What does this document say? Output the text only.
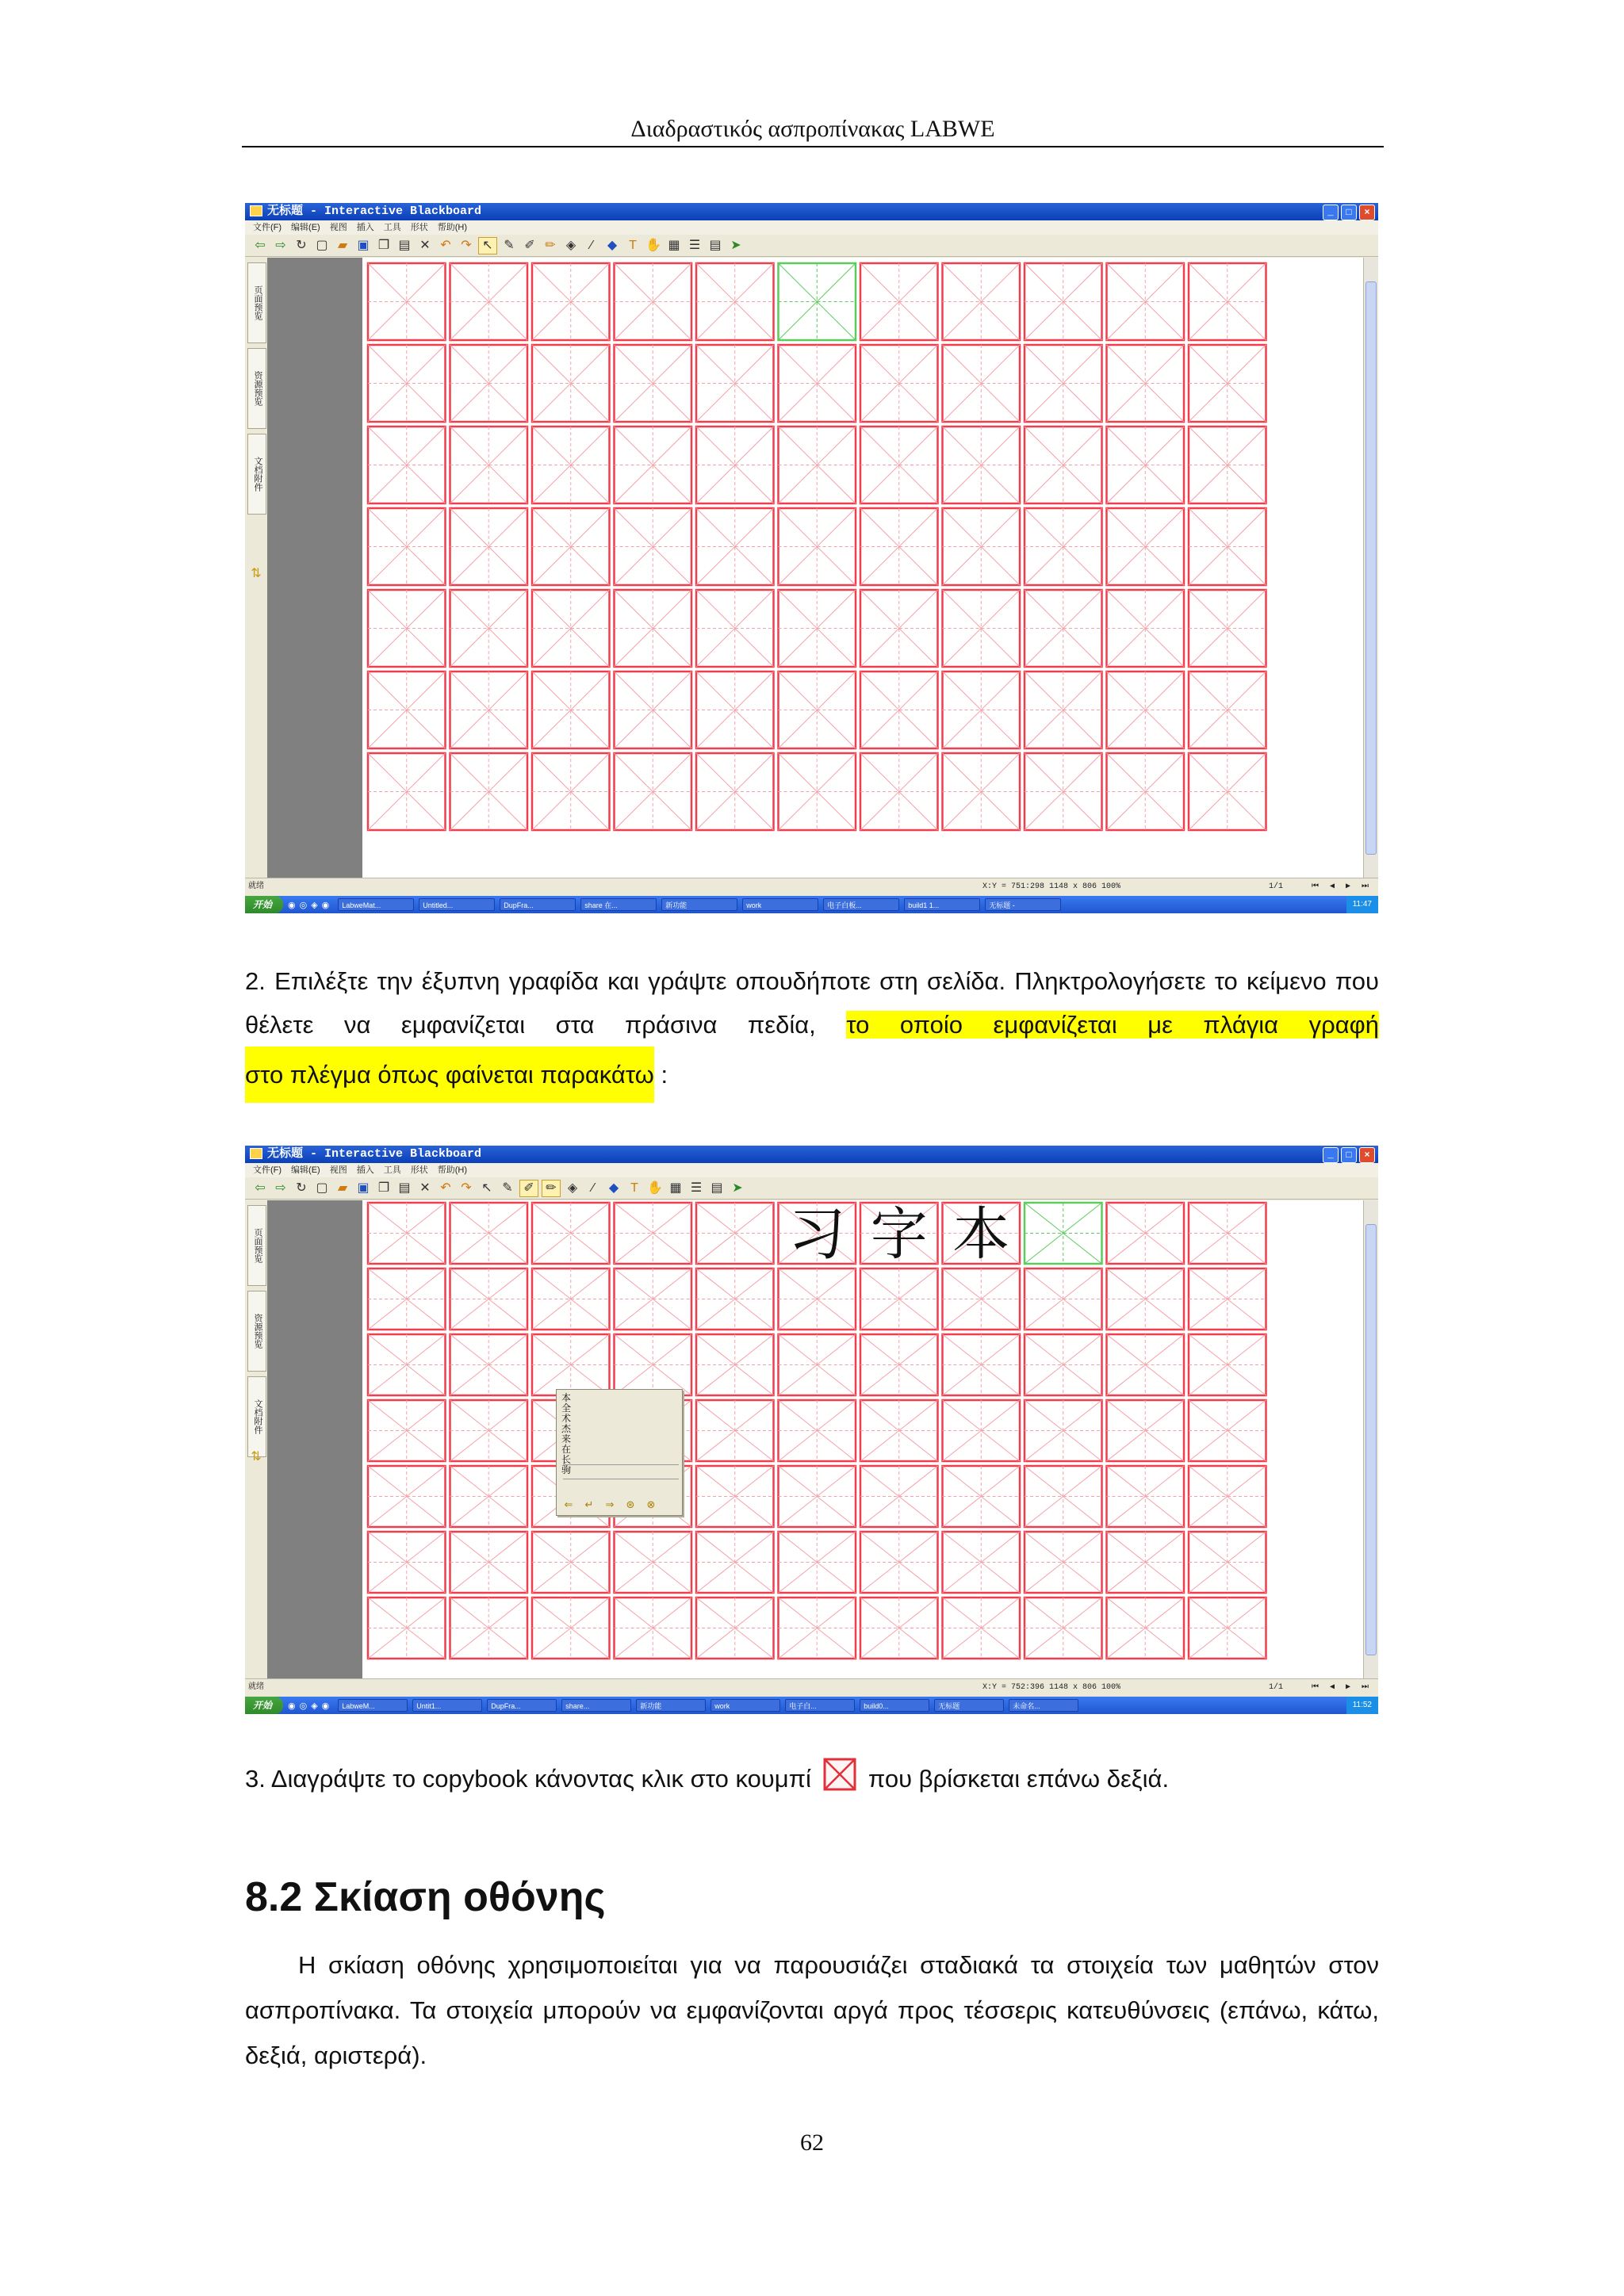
Διαδραστικός ασπροπίνακας LABWE
无标题 - Interactive Blackboard	_	□	×
文件(F) 编辑(E) 视图 插入 工具 形状 帮助(H)
⇦ ⇨ ↻ ▢ ▰ ▣ ❐ ▤ ✕ ↶ ↷ ↖ ✎ ✐ ✏ ◈	⁄	◆ T ✋ ▦ ☰ ▤ ➤
页面预览
资源预览
文档附件
⇅
就绪	X:Y = 751:298 1148 x 806 100%	1/1	⏮ ◀ ▶ ⏭
开始	◉◎◈◉	LabweMat...	Untitled...	DupFra...	share 在...	新功能	work	电子白板...	build1 1...	无标题 -	11:47
2. Επιλέξτε την έξυπνη γραφίδα και γράψτε οπουδήποτε στη σελίδα. Πληκτρολογήσετε το κείμενο που θέλετε να εμφανίζεται στα πράσινα πεδία, το οποίο εμφανίζεται με πλάγια γραφή στο πλέγμα όπως φαίνεται παρακάτω :
无标题 - Interactive Blackboard	_	□	×
文件(F) 编辑(E) 视图 插入 工具 形状 帮助(H)
⇦ ⇨ ↻ ▢ ▰ ▣ ❐ ▤ ✕ ↶ ↷ ↖ ✎ ✐ ✏ ◈	⁄	◆ T ✋ ▦ ☰ ▤ ➤
页面预览
资源预览
文档附件
⇅
习 字 本
本
全
术
杰
来
在
长
驹
⇐	↵	⇒	⊛	⊗
就绪	X:Y = 752:396 1148 x 806 100%	1/1	⏮ ◀ ▶ ⏭
开始	◉◎◈◉	LabweM...	Untit1...	DupFra...	share...	新功能	work	电子白...	build0...	无标题	未命名...	11:52
3. Διαγράψτε το copybook κάνοντας κλικ στο κουμπί που βρίσκεται επάνω δεξιά.
8.2 Σκίαση οθόνης
Η σκίαση οθόνης χρησιμοποιείται για να παρουσιάζει σταδιακά τα στοιχεία των μαθητών στον ασπροπίνακα. Τα στοιχεία μπορούν να εμφανίζονται αργά προς τέσσερις κατευθύνσεις (επάνω, κάτω, δεξιά, αριστερά).
62
